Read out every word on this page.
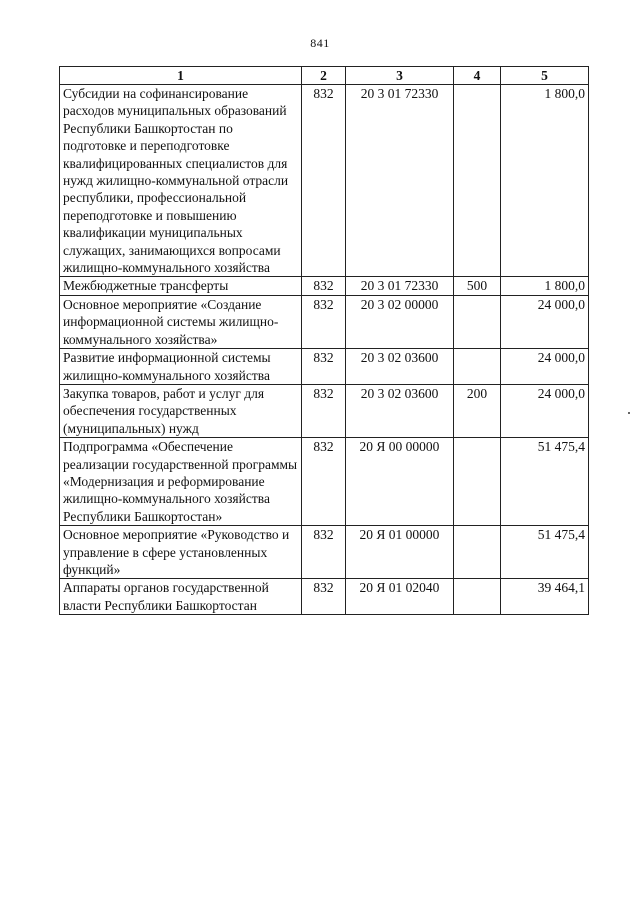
841
1	2	3	4	5
Субсидии на софинансирование расходов муниципальных образований Республики Башкортостан по подготовке и переподготовке квалифицированных специалистов для нужд жилищно-коммунальной отрасли республики, профессиональной переподготовке и повышению квалификации муниципальных служащих, занимающихся вопросами жилищно-коммунального хозяйства	832	20 3 01 72330		1 800,0
Межбюджетные трансферты	832	20 3 01 72330	500	1 800,0
Основное мероприятие «Создание информационной системы жилищно-коммунального хозяйства»	832	20 3 02 00000		24 000,0
Развитие информационной системы жилищно-коммунального хозяйства	832	20 3 02 03600		24 000,0
Закупка товаров, работ и услуг для обеспечения государственных (муниципальных) нужд	832	20 3 02 03600	200	24 000,0
Подпрограмма «Обеспечение реализации государственной программы «Модернизация и реформирование жилищно-коммунального хозяйства Республики Башкортостан»	832	20 Я 00 00000		51 475,4
Основное мероприятие «Руководство и управление в сфере установленных функций»	832	20 Я 01 00000		51 475,4
Аппараты органов государственной власти Республики Башкортостан	832	20 Я 01 02040		39 464,1
